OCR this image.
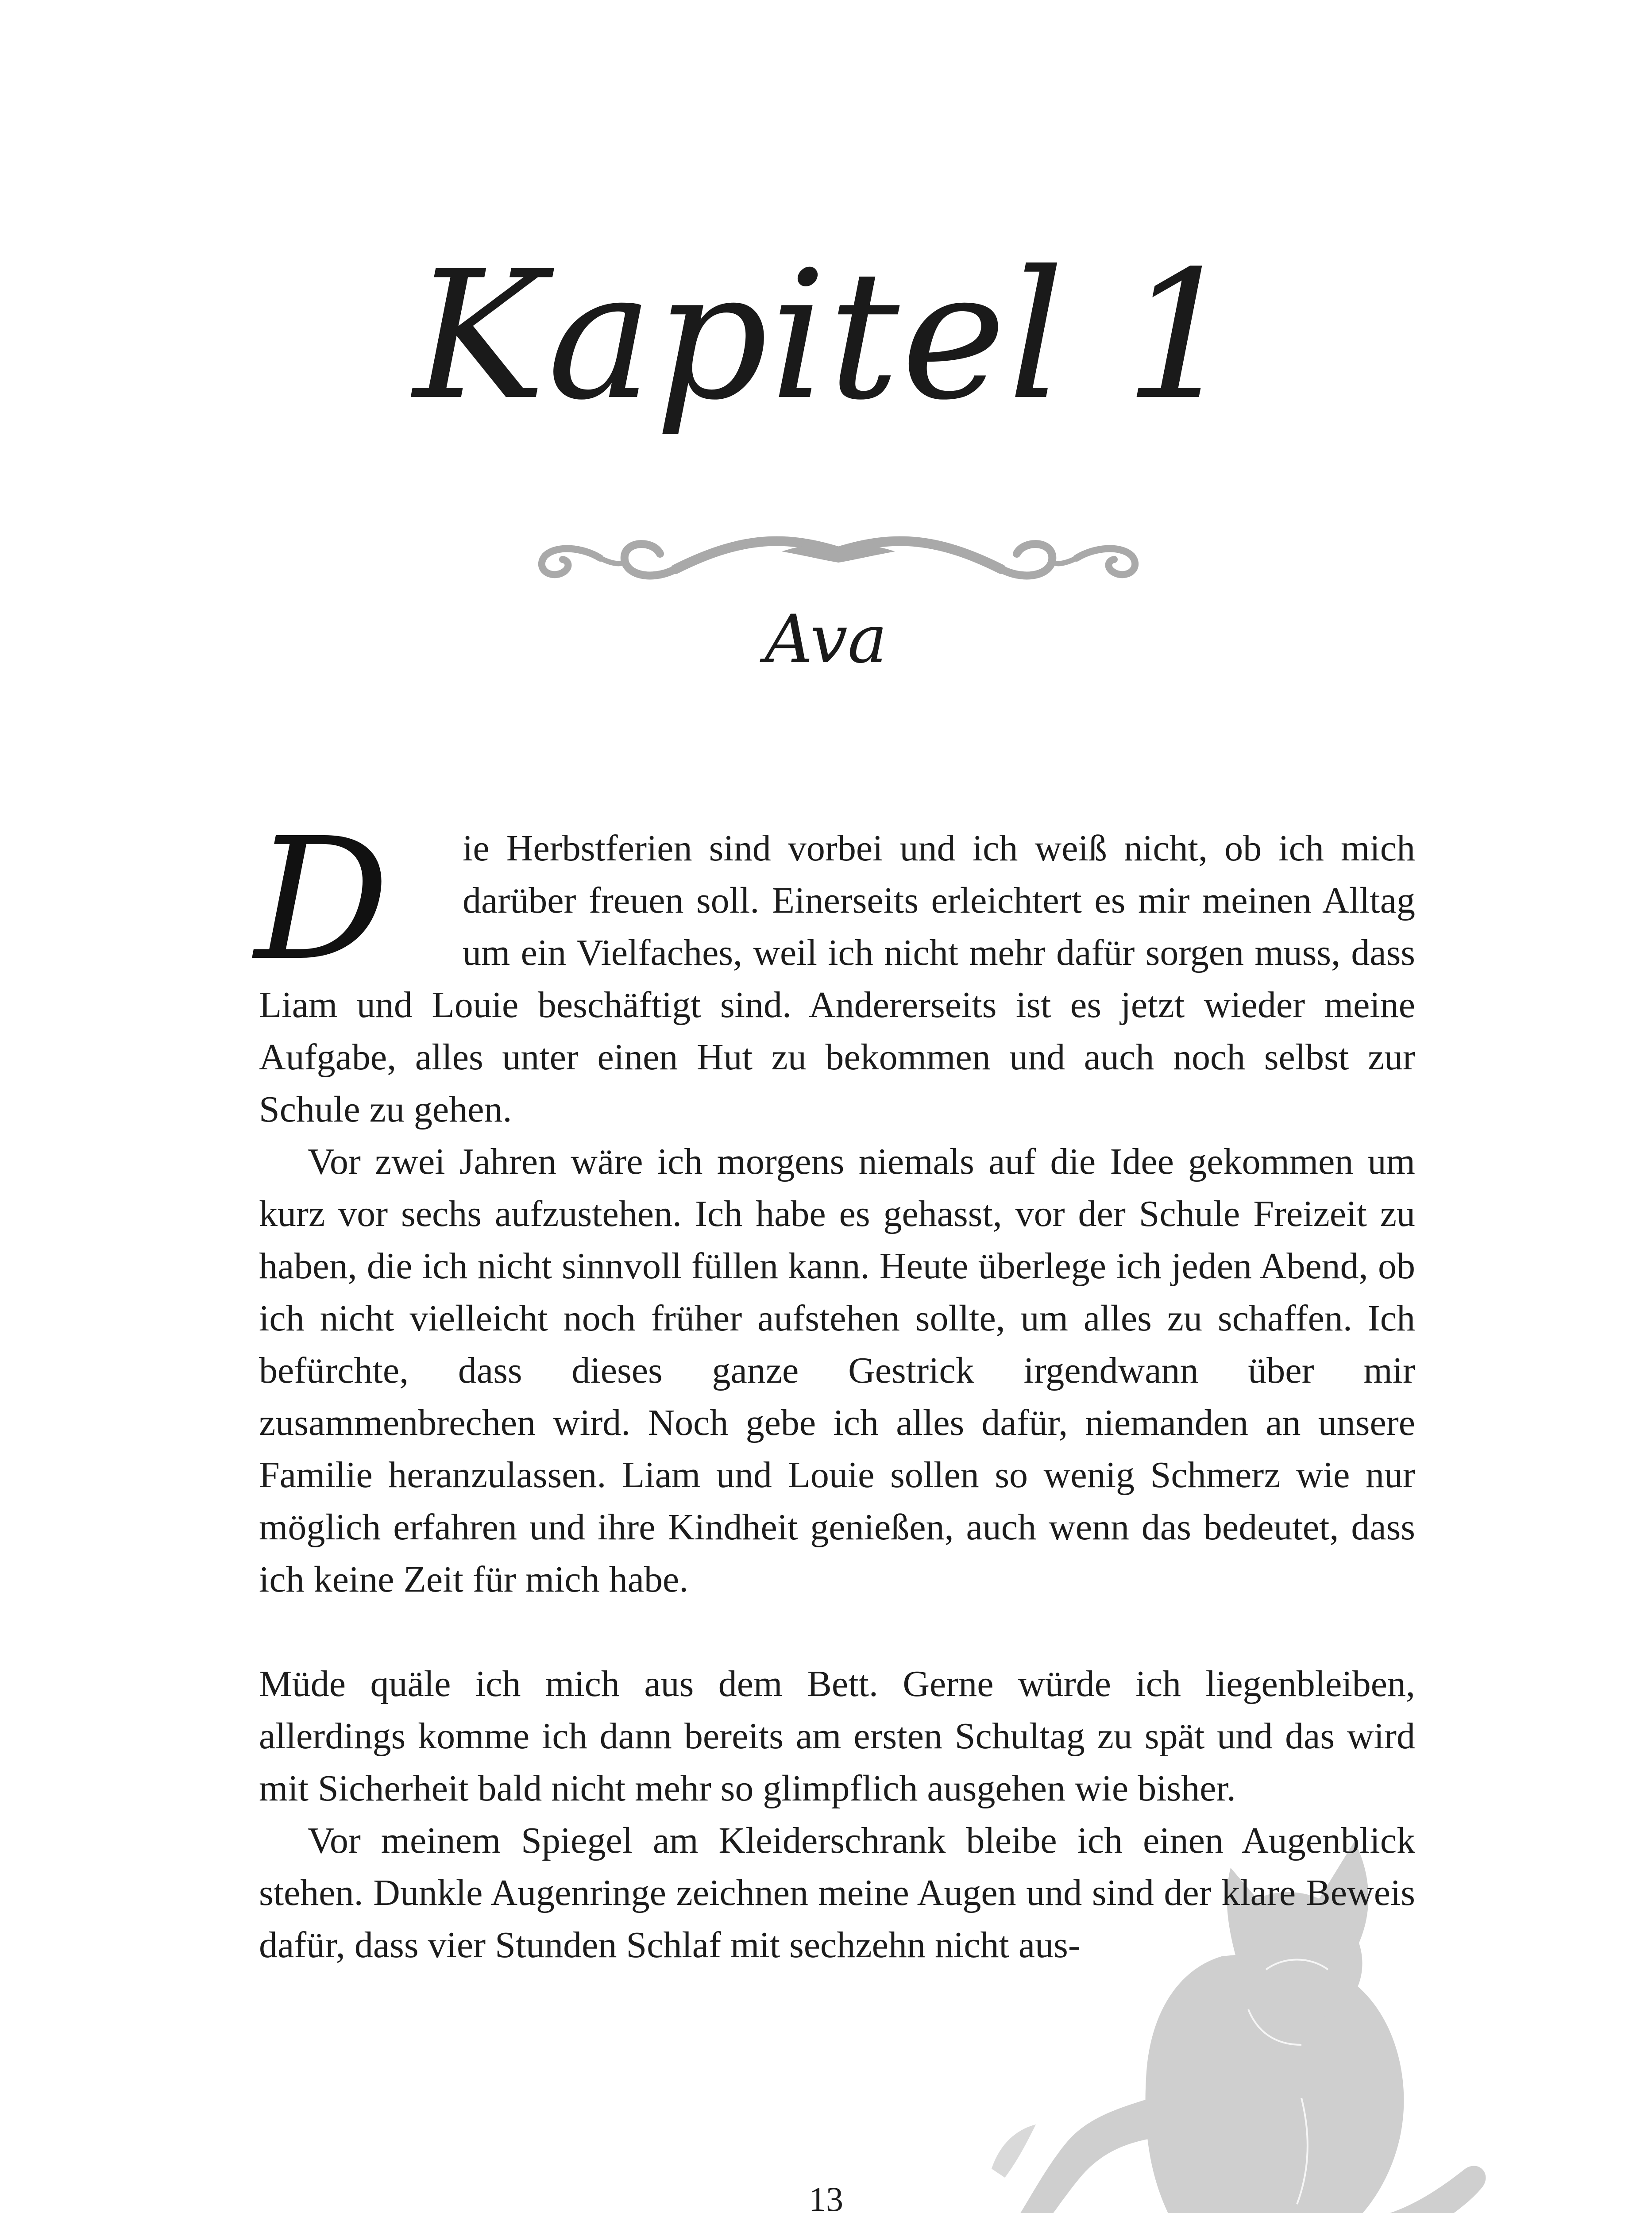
Kapitel 1
Ava

D	ie Herbstferien sind vorbei und ich weiß nicht, ob ich mich darüber freuen soll. Einerseits erleichtert es mir meinen Alltag um ein Vielfaches, weil ich nicht mehr dafür sorgen muss, dass Liam und Louie beschäftigt sind. Andererseits ist es jetzt wieder meine Aufgabe, alles unter einen Hut zu bekommen und auch noch selbst zur Schule zu gehen.

Vor zwei Jahren wäre ich morgens niemals auf die Idee gekommen um kurz vor sechs aufzustehen. Ich habe es gehasst, vor der Schule Freizeit zu haben, die ich nicht sinnvoll füllen kann. Heute überlege ich jeden Abend, ob ich nicht vielleicht noch früher aufstehen sollte, um alles zu schaffen. Ich befürchte, dass dieses ganze Gestrick irgendwann über mir zusammenbrechen wird. Noch gebe ich alles dafür, niemanden an unsere Familie heranzulassen. Liam und Louie sollen so wenig Schmerz wie nur möglich erfahren und ihre Kindheit genießen, auch wenn das bedeutet, dass ich keine Zeit für mich habe.

Müde quäle ich mich aus dem Bett. Gerne würde ich liegenbleiben, allerdings komme ich dann bereits am ersten Schultag zu spät und das wird mit Sicherheit bald nicht mehr so glimpflich ausgehen wie bisher.

Vor meinem Spiegel am Kleiderschrank bleibe ich einen Augenblick stehen. Dunkle Augenringe zeichnen meine Augen und sind der klare Beweis dafür, dass vier Stunden Schlaf mit sechzehn nicht aus-

13
